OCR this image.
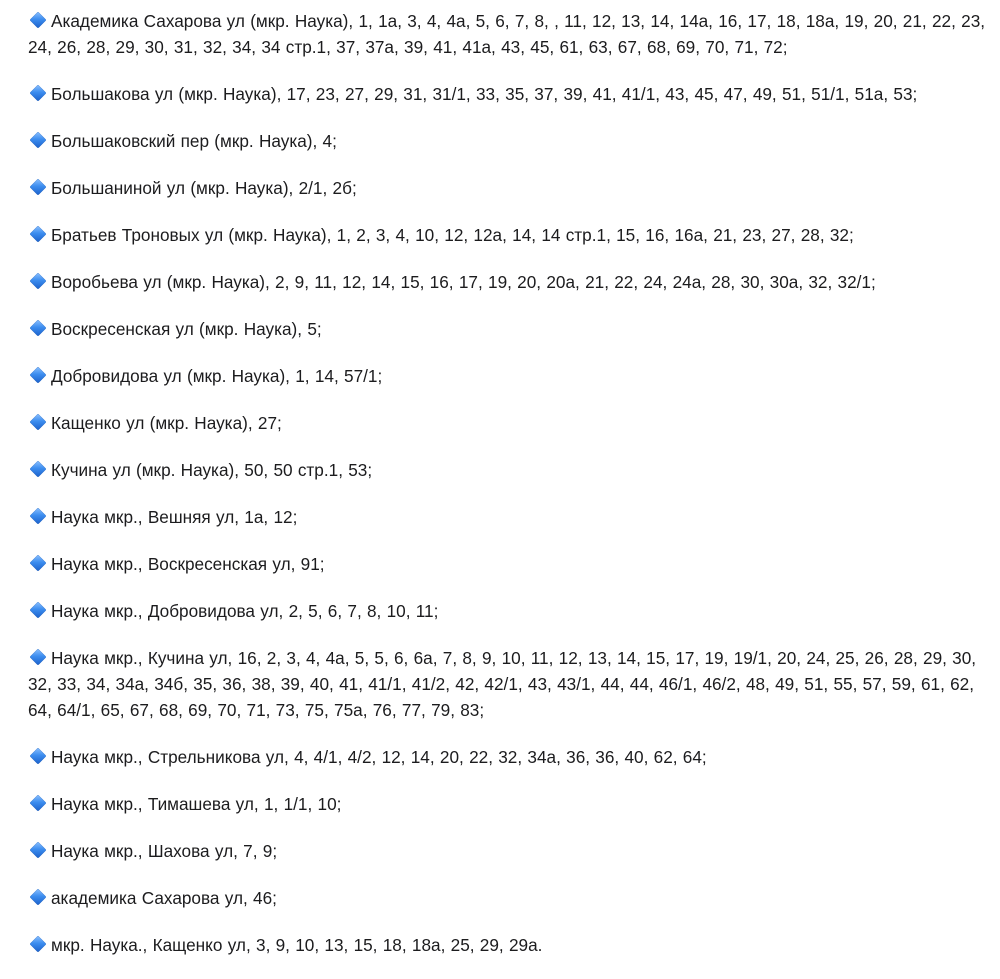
Академика Сахарова ул (мкр. Наука), 1, 1а, 3, 4, 4а, 5, 6, 7, 8, , 11, 12, 13, 14, 14а, 16, 17, 18, 18а, 19, 20, 21, 22, 23, 24, 26, 28, 29, 30, 31, 32, 34, 34 стр.1, 37, 37а, 39, 41, 41а, 43, 45, 61, 63, 67, 68, 69, 70, 71, 72;
Большакова ул (мкр. Наука), 17, 23, 27, 29, 31, 31/1, 33, 35, 37, 39, 41, 41/1, 43, 45, 47, 49, 51, 51/1, 51а, 53;
Большаковский пер (мкр. Наука), 4;
Большаниной ул (мкр. Наука), 2/1, 2б;
Братьев Троновых ул (мкр. Наука), 1, 2, 3, 4, 10, 12, 12а, 14, 14 стр.1, 15, 16, 16а, 21, 23, 27, 28, 32;
Воробьева ул (мкр. Наука), 2, 9, 11, 12, 14, 15, 16, 17, 19, 20, 20а, 21, 22, 24, 24а, 28, 30, 30а, 32, 32/1;
Воскресенская ул (мкр. Наука), 5;
Добровидова ул (мкр. Наука), 1, 14, 57/1;
Кащенко ул (мкр. Наука), 27;
Кучина ул (мкр. Наука), 50, 50 стр.1, 53;
Наука мкр., Вешняя ул, 1а, 12;
Наука мкр., Воскресенская ул, 91;
Наука мкр., Добровидова ул, 2, 5, 6, 7, 8, 10, 11;
Наука мкр., Кучина ул, 16, 2, 3, 4, 4а, 5, 5, 6, 6а, 7, 8, 9, 10, 11, 12, 13, 14, 15, 17, 19, 19/1, 20, 24, 25, 26, 28, 29, 30, 32, 33, 34, 34а, 34б, 35, 36, 38, 39, 40, 41, 41/1, 41/2, 42, 42/1, 43, 43/1, 44, 44, 46/1, 46/2, 48, 49, 51, 55, 57, 59, 61, 62, 64, 64/1, 65, 67, 68, 69, 70, 71, 73, 75, 75а, 76, 77, 79, 83;
Наука мкр., Стрельникова ул, 4, 4/1, 4/2, 12, 14, 20, 22, 32, 34а, 36, 36, 40, 62, 64;
Наука мкр., Тимашева ул, 1, 1/1, 10;
Наука мкр., Шахова ул, 7, 9;
академика Сахарова ул, 46;
мкр. Наука., Кащенко ул, 3, 9, 10, 13, 15, 18, 18а, 25, 29, 29а.
